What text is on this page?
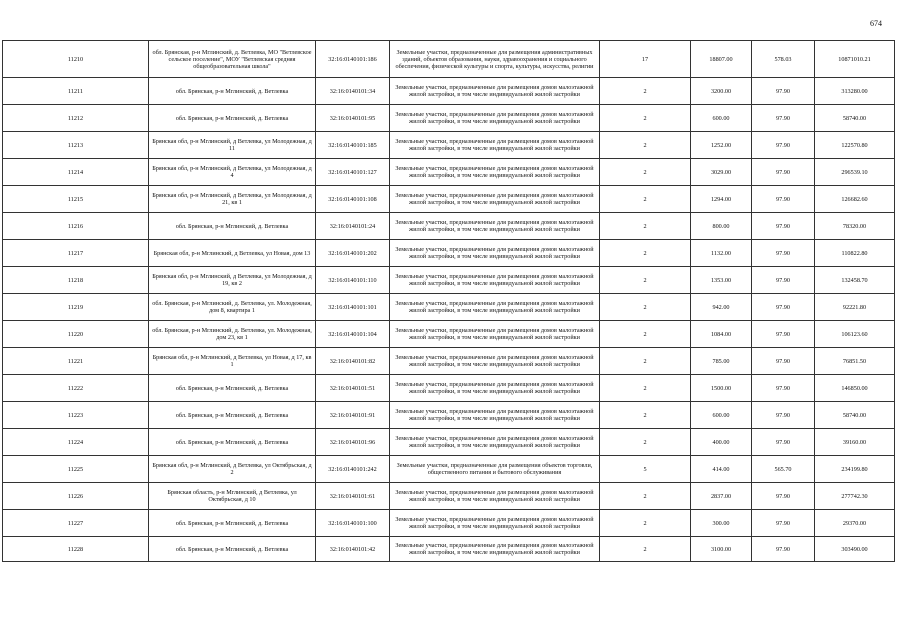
674
11210	обл. Брянская, р-н Мглинский, д. Ветлевка, МО "Ветлевское сельское поселение", МОУ "Ветлевская средняя общеобразовательная школа"	32:16:0140101:186	Земельные участки, предназначенные для размещения административных зданий, объектов образования, науки, здравоохранения и социального обеспечения, физической культуры и спорта, культуры, искусства, религии	17	18807.00	578.03	10871010.21
11211	обл. Брянская, р-н Мглинский, д. Ветлевка	32:16:0140101:34	Земельные участки, предназначенные для размещения домов малоэтажной жилой застройки, в том числе индивидуальной жилой застройки	2	3200.00	97.90	313280.00
11212	обл. Брянская, р-н Мглинский, д. Ветлевка	32:16:0140101:95	Земельные участки, предназначенные для размещения домов малоэтажной жилой застройки, в том числе индивидуальной жилой застройки	2	600.00	97.90	58740.00
11213	Брянская обл, р-н Мглинский, д Ветлевка, ул Молодежная, д 11	32:16:0140101:185	Земельные участки, предназначенные для размещения домов малоэтажной жилой застройки, в том числе индивидуальной жилой застройки	2	1252.00	97.90	122570.80
11214	Брянская обл, р-н Мглинский, д Ветлевка, ул Молодежная, д 4	32:16:0140101:127	Земельные участки, предназначенные для размещения домов малоэтажной жилой застройки, в том числе индивидуальной жилой застройки	2	3029.00	97.90	296539.10
11215	Брянская обл, р-н Мглинский, д Ветлевка, ул Молодежная, д 21, кв 1	32:16:0140101:108	Земельные участки, предназначенные для размещения домов малоэтажной жилой застройки, в том числе индивидуальной жилой застройки	2	1294.00	97.90	126682.60
11216	обл. Брянская, р-н Мглинский, д. Ветлевка	32:16:0140101:24	Земельные участки, предназначенные для размещения домов малоэтажной жилой застройки, в том числе индивидуальной жилой застройки	2	800.00	97.90	78320.00
11217	Брянская обл, р-н Мглинский, д Ветлевка, ул Новая, дом 13	32:16:0140101:202	Земельные участки, предназначенные для размещения домов малоэтажной жилой застройки, в том числе индивидуальной жилой застройки	2	1132.00	97.90	110822.80
11218	Брянская обл, р-н Мглинский, д Ветлевка, ул Молодежная, д 19, кв 2	32:16:0140101:110	Земельные участки, предназначенные для размещения домов малоэтажной жилой застройки, в том числе индивидуальной жилой застройки	2	1353.00	97.90	132458.70
11219	обл. Брянская, р-н Мглинский, д. Ветлевка, ул. Молодежная, дом 8, квартира 1	32:16:0140101:101	Земельные участки, предназначенные для размещения домов малоэтажной жилой застройки, в том числе индивидуальной жилой застройки	2	942.00	97.90	92221.80
11220	обл. Брянская, р-н Мглинский, д. Ветлевка, ул. Молодежная, дом 23, кв 1	32:16:0140101:104	Земельные участки, предназначенные для размещения домов малоэтажной жилой застройки, в том числе индивидуальной жилой застройки	2	1084.00	97.90	106123.60
11221	Брянская обл, р-н Мглинский, д Ветлевка, ул Новая, д 17, кв 1	32:16:0140101:82	Земельные участки, предназначенные для размещения домов малоэтажной жилой застройки, в том числе индивидуальной жилой застройки	2	785.00	97.90	76851.50
11222	обл. Брянская, р-н Мглинский, д. Ветлевка	32:16:0140101:51	Земельные участки, предназначенные для размещения домов малоэтажной жилой застройки, в том числе индивидуальной жилой застройки	2	1500.00	97.90	146850.00
11223	обл. Брянская, р-н Мглинский, д. Ветлевка	32:16:0140101:91	Земельные участки, предназначенные для размещения домов малоэтажной жилой застройки, в том числе индивидуальной жилой застройки	2	600.00	97.90	58740.00
11224	обл. Брянская, р-н Мглинский, д. Ветлевка	32:16:0140101:96	Земельные участки, предназначенные для размещения домов малоэтажной жилой застройки, в том числе индивидуальной жилой застройки	2	400.00	97.90	39160.00
11225	Брянская обл, р-н Мглинский, д Ветлевка, ул Октябрьская, д 2	32:16:0140101:242	Земельные участки, предназначенные для размещения объектов торговли, общественного питания и бытового обслуживания	5	414.00	565.70	234199.80
11226	Брянская область, р-н Мглинский, д Ветлевка, ул Октябрьская, д 10	32:16:0140101:61	Земельные участки, предназначенные для размещения домов малоэтажной жилой застройки, в том числе индивидуальной жилой застройки	2	2837.00	97.90	277742.30
11227	обл. Брянская, р-н Мглинский, д. Ветлевка	32:16:0140101:100	Земельные участки, предназначенные для размещения домов малоэтажной жилой застройки, в том числе индивидуальной жилой застройки	2	300.00	97.90	29370.00
11228	обл. Брянская, р-н Мглинский, д. Ветлевка	32:16:0140101:42	Земельные участки, предназначенные для размещения домов малоэтажной жилой застройки, в том числе индивидуальной жилой застройки	2	3100.00	97.90	303490.00
